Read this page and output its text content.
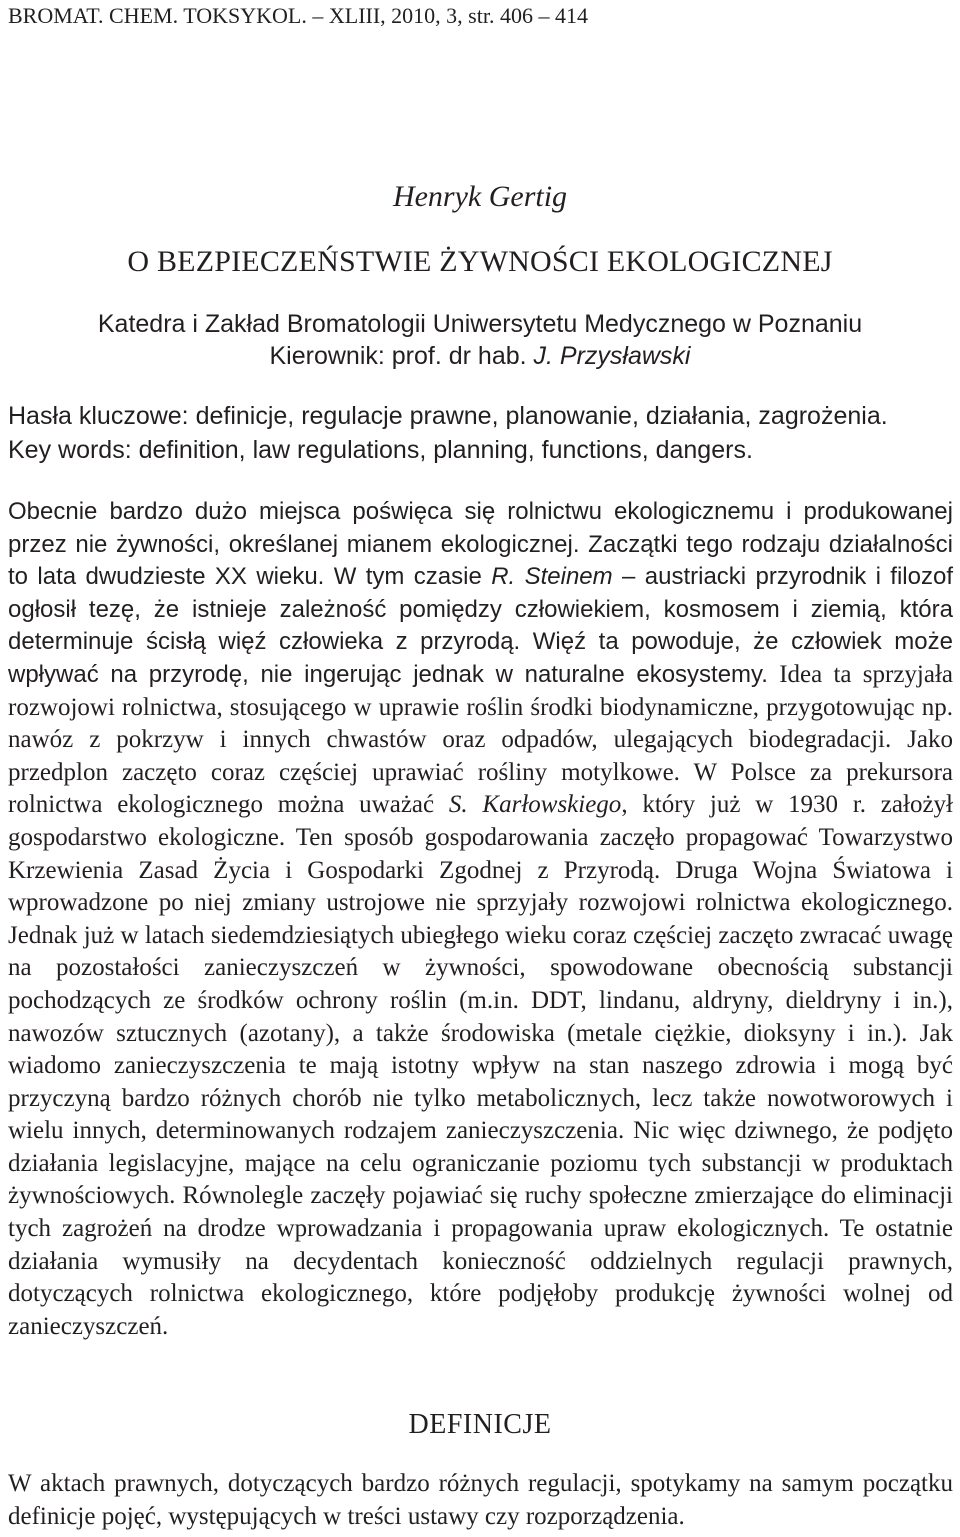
BROMAT. CHEM. TOKSYKOL. – XLIII, 2010, 3, str. 406 – 414
Henryk Gertig
O BEZPIECZEŃSTWIE ŻYWNOŚCI EKOLOGICZNEJ
Katedra i Zakład Bromatologii Uniwersytetu Medycznego w Poznaniu
Kierownik: prof. dr hab. J. Przysławski
Hasła kluczowe: definicje, regulacje prawne, planowanie, działania, zagrożenia.
Key words: definition, law regulations, planning, functions, dangers.
Obecnie bardzo dużo miejsca poświęca się rolnictwu ekologicznemu i produkowanej przez nie żywności, określanej mianem ekologicznej. Zaczątki tego rodzaju działalności to lata dwudzieste XX wieku. W tym czasie R. Steinem – austriacki przyrodnik i filozof ogłosił tezę, że istnieje zależność pomiędzy człowiekiem, kosmosem i ziemią, która determinuje ścisłą więź człowieka z przyrodą. Więź ta powoduje, że człowiek może wpływać na przyrodę, nie ingerując jednak w naturalne ekosystemy. Idea ta sprzyjała rozwojowi rolnictwa, stosującego w uprawie roślin środki biodynamiczne, przygotowując np. nawóz z pokrzyw i innych chwastów oraz odpadów, ulegających biodegradacji. Jako przedplon zaczęto coraz częściej uprawiać rośliny motylkowe. W Polsce za prekursora rolnictwa ekologicznego można uważać S. Karłowskiego, który już w 1930 r. założył gospodarstwo ekologiczne. Ten sposób gospodarowania zaczęło propagować Towarzystwo Krzewienia Zasad Życia i Gospodarki Zgodnej z Przyrodą. Druga Wojna Światowa i wprowadzone po niej zmiany ustrojowe nie sprzyjały rozwojowi rolnictwa ekologicznego. Jednak już w latach siedemdziesiątych ubiegłego wieku coraz częściej zaczęto zwracać uwagę na pozostałości zanieczyszczeń w żywności, spowodowane obecnością substancji pochodzących ze środków ochrony roślin (m.in. DDT, lindanu, aldryny, dieldryny i in.), nawozów sztucznych (azotany), a także środowiska (metale ciężkie, dioksyny i in.). Jak wiadomo zanieczyszczenia te mają istotny wpływ na stan naszego zdrowia i mogą być przyczyną bardzo różnych chorób nie tylko metabolicznych, lecz także nowotworowych i wielu innych, determinowanych rodzajem zanieczyszczenia. Nic więc dziwnego, że podjęto działania legislacyjne, mające na celu ograniczanie poziomu tych substancji w produktach żywnościowych. Równolegle zaczęły pojawiać się ruchy społeczne zmierzające do eliminacji tych zagrożeń na drodze wprowadzania i propagowania upraw ekologicznych. Te ostatnie działania wymusiły na decydentach konieczność oddzielnych regulacji prawnych, dotyczących rolnictwa ekologicznego, które podjęłoby produkcję żywności wolnej od zanieczyszczeń.
DEFINICJE
W aktach prawnych, dotyczących bardzo różnych regulacji, spotykamy na samym początku definicje pojęć, występujących w treści ustawy czy rozporządzenia.
